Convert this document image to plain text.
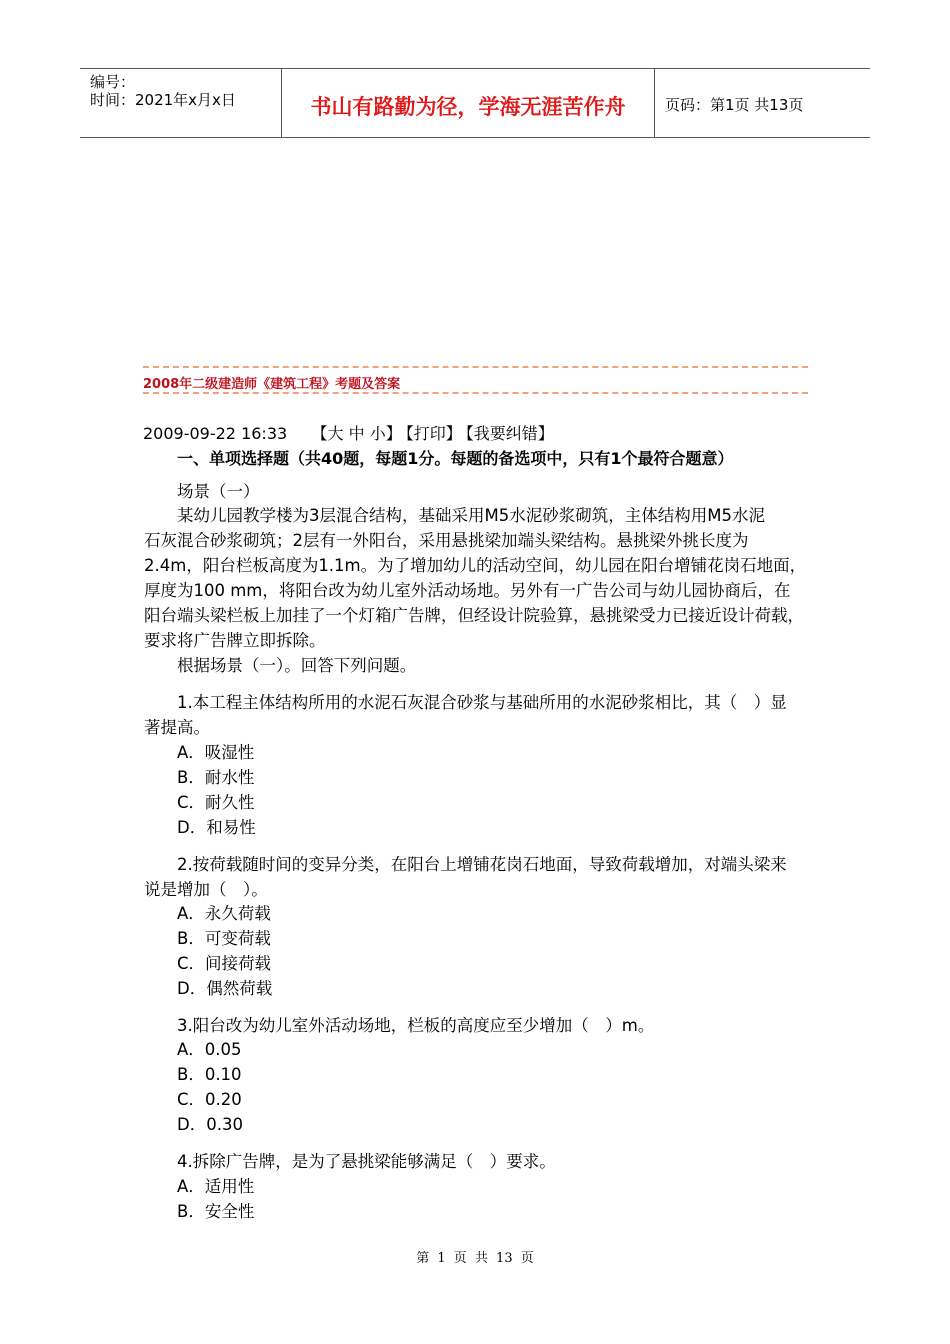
编号：
时间：2021年x月x日	书山有路勤为径，学海无涯苦作舟	页码：第1页 共13页
2008年二级建造师《建筑工程》考题及答案
2009-09-22 16:33 【大 中 小】 【打印】 【我要纠错】
一、单项选择题（共40题，每题1分。每题的备选项中，只有1个最符合题意）
场景（一）
某幼儿园教学楼为3层混合结构，基础采用M5水泥砂浆砌筑，主体结构用M5水泥
石灰混合砂浆砌筑；2层有一外阳台，采用悬挑梁加端头梁结构。悬挑梁外挑长度为
2.4m，阳台栏板高度为1.1m。为了增加幼儿的活动空间，幼儿园在阳台增铺花岗石地面，
厚度为100 mm，将阳台改为幼儿室外活动场地。另外有一广告公司与幼儿园协商后，在
阳台端头梁栏板上加挂了一个灯箱广告牌，但经设计院验算，悬挑梁受力已接近设计荷载，
要求将广告牌立即拆除。
根据场景（一）。回答下列问题。
1.本工程主体结构所用的水泥石灰混合砂浆与基础所用的水泥砂浆相比，其（　）显
著提高。
A．吸湿性
B．耐水性
C．耐久性
D．和易性
2.按荷载随时间的变异分类，在阳台上增铺花岗石地面，导致荷载增加，对端头梁来
说是增加（　）。
A．永久荷载
B．可变荷载
C．间接荷载
D．偶然荷载
3.阳台改为幼儿室外活动场地，栏板的高度应至少增加（　）m。
A．0.05
B．0.10
C．0.20
D．0.30
4.拆除广告牌，是为了悬挑梁能够满足（　）要求。
A．适用性
B．安全性
第 1 页 共 13 页
